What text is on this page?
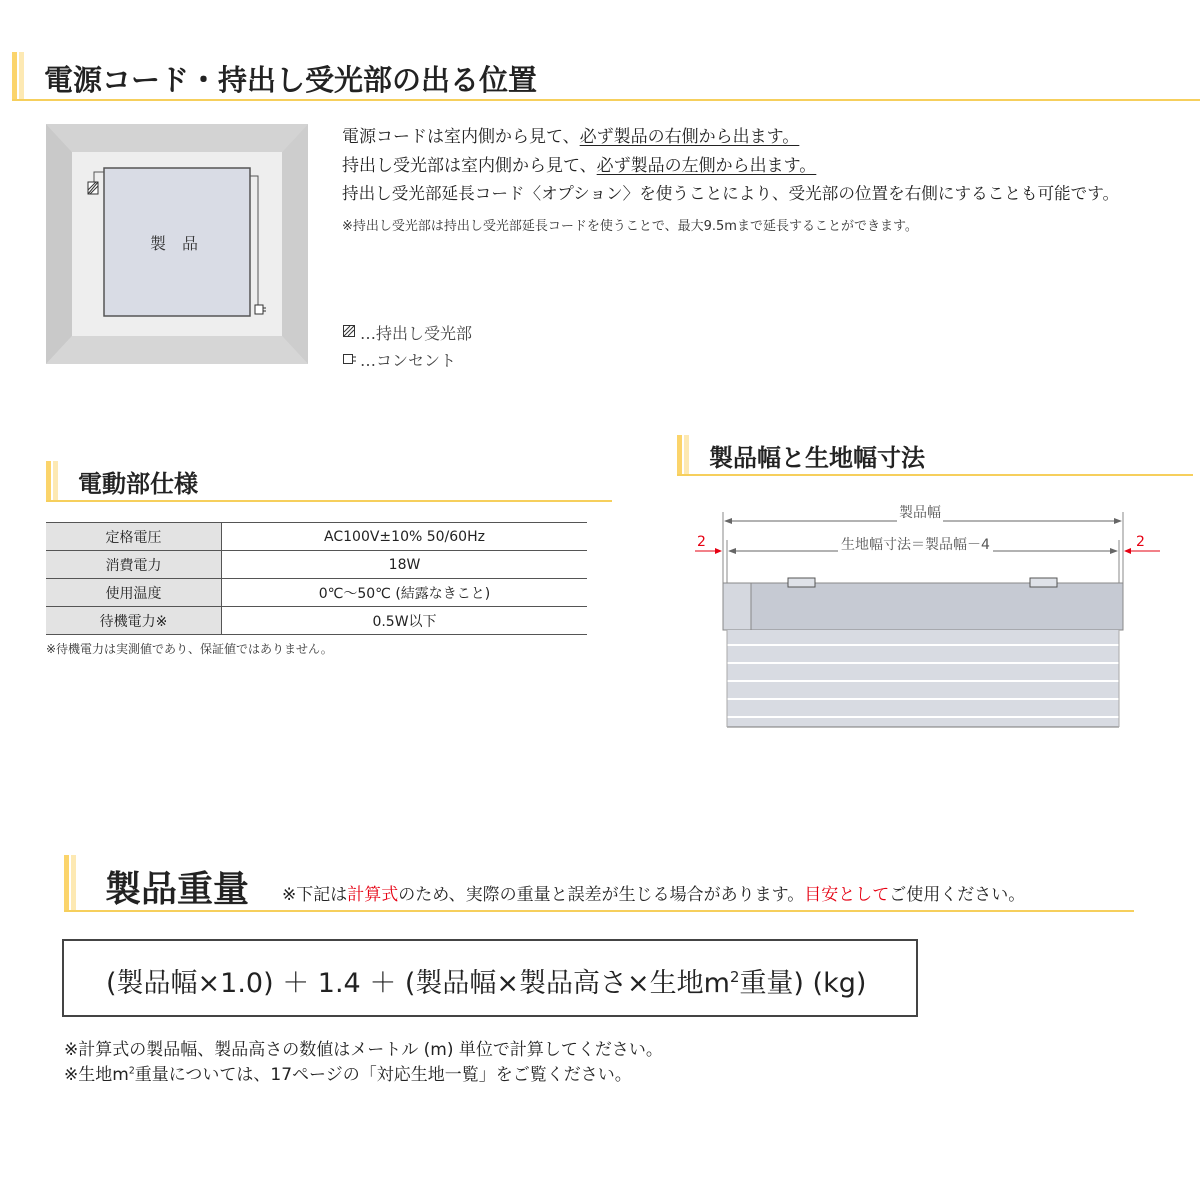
電源コード・持出し受光部の出る位置
製　品
電源コードは室内側から見て、必ず製品の右側から出ます。
持出し受光部は室内側から見て、必ず製品の左側から出ます。
持出し受光部延長コード〈オプション〉を使うことにより、受光部の位置を右側にすることも可能です。
※持出し受光部は持出し受光部延長コードを使うことで、最大9.5mまで延長することができます。
…持出し受光部
…コンセント
電動部仕様
定格電圧	AC100V±10% 50/60Hz
消費電力	18W
使用温度	0℃～50℃ (結露なきこと)
待機電力※	0.5W以下
※待機電力は実測値であり、保証値ではありません。
製品幅と生地幅寸法
製品幅
生地幅寸法＝製品幅－4
2	2
製品重量 ※下記は計算式のため、実際の重量と誤差が生じる場合があります。目安としてご使用ください。
(製品幅×1.0) ＋ 1.4 ＋ (製品幅×製品高さ×生地$m^2$重量) (kg)
※計算式の製品幅、製品高さの数値はメートル (m) 単位で計算してください。
※生地$m^2$重量については、17ページの「対応生地一覧」をご覧ください。
